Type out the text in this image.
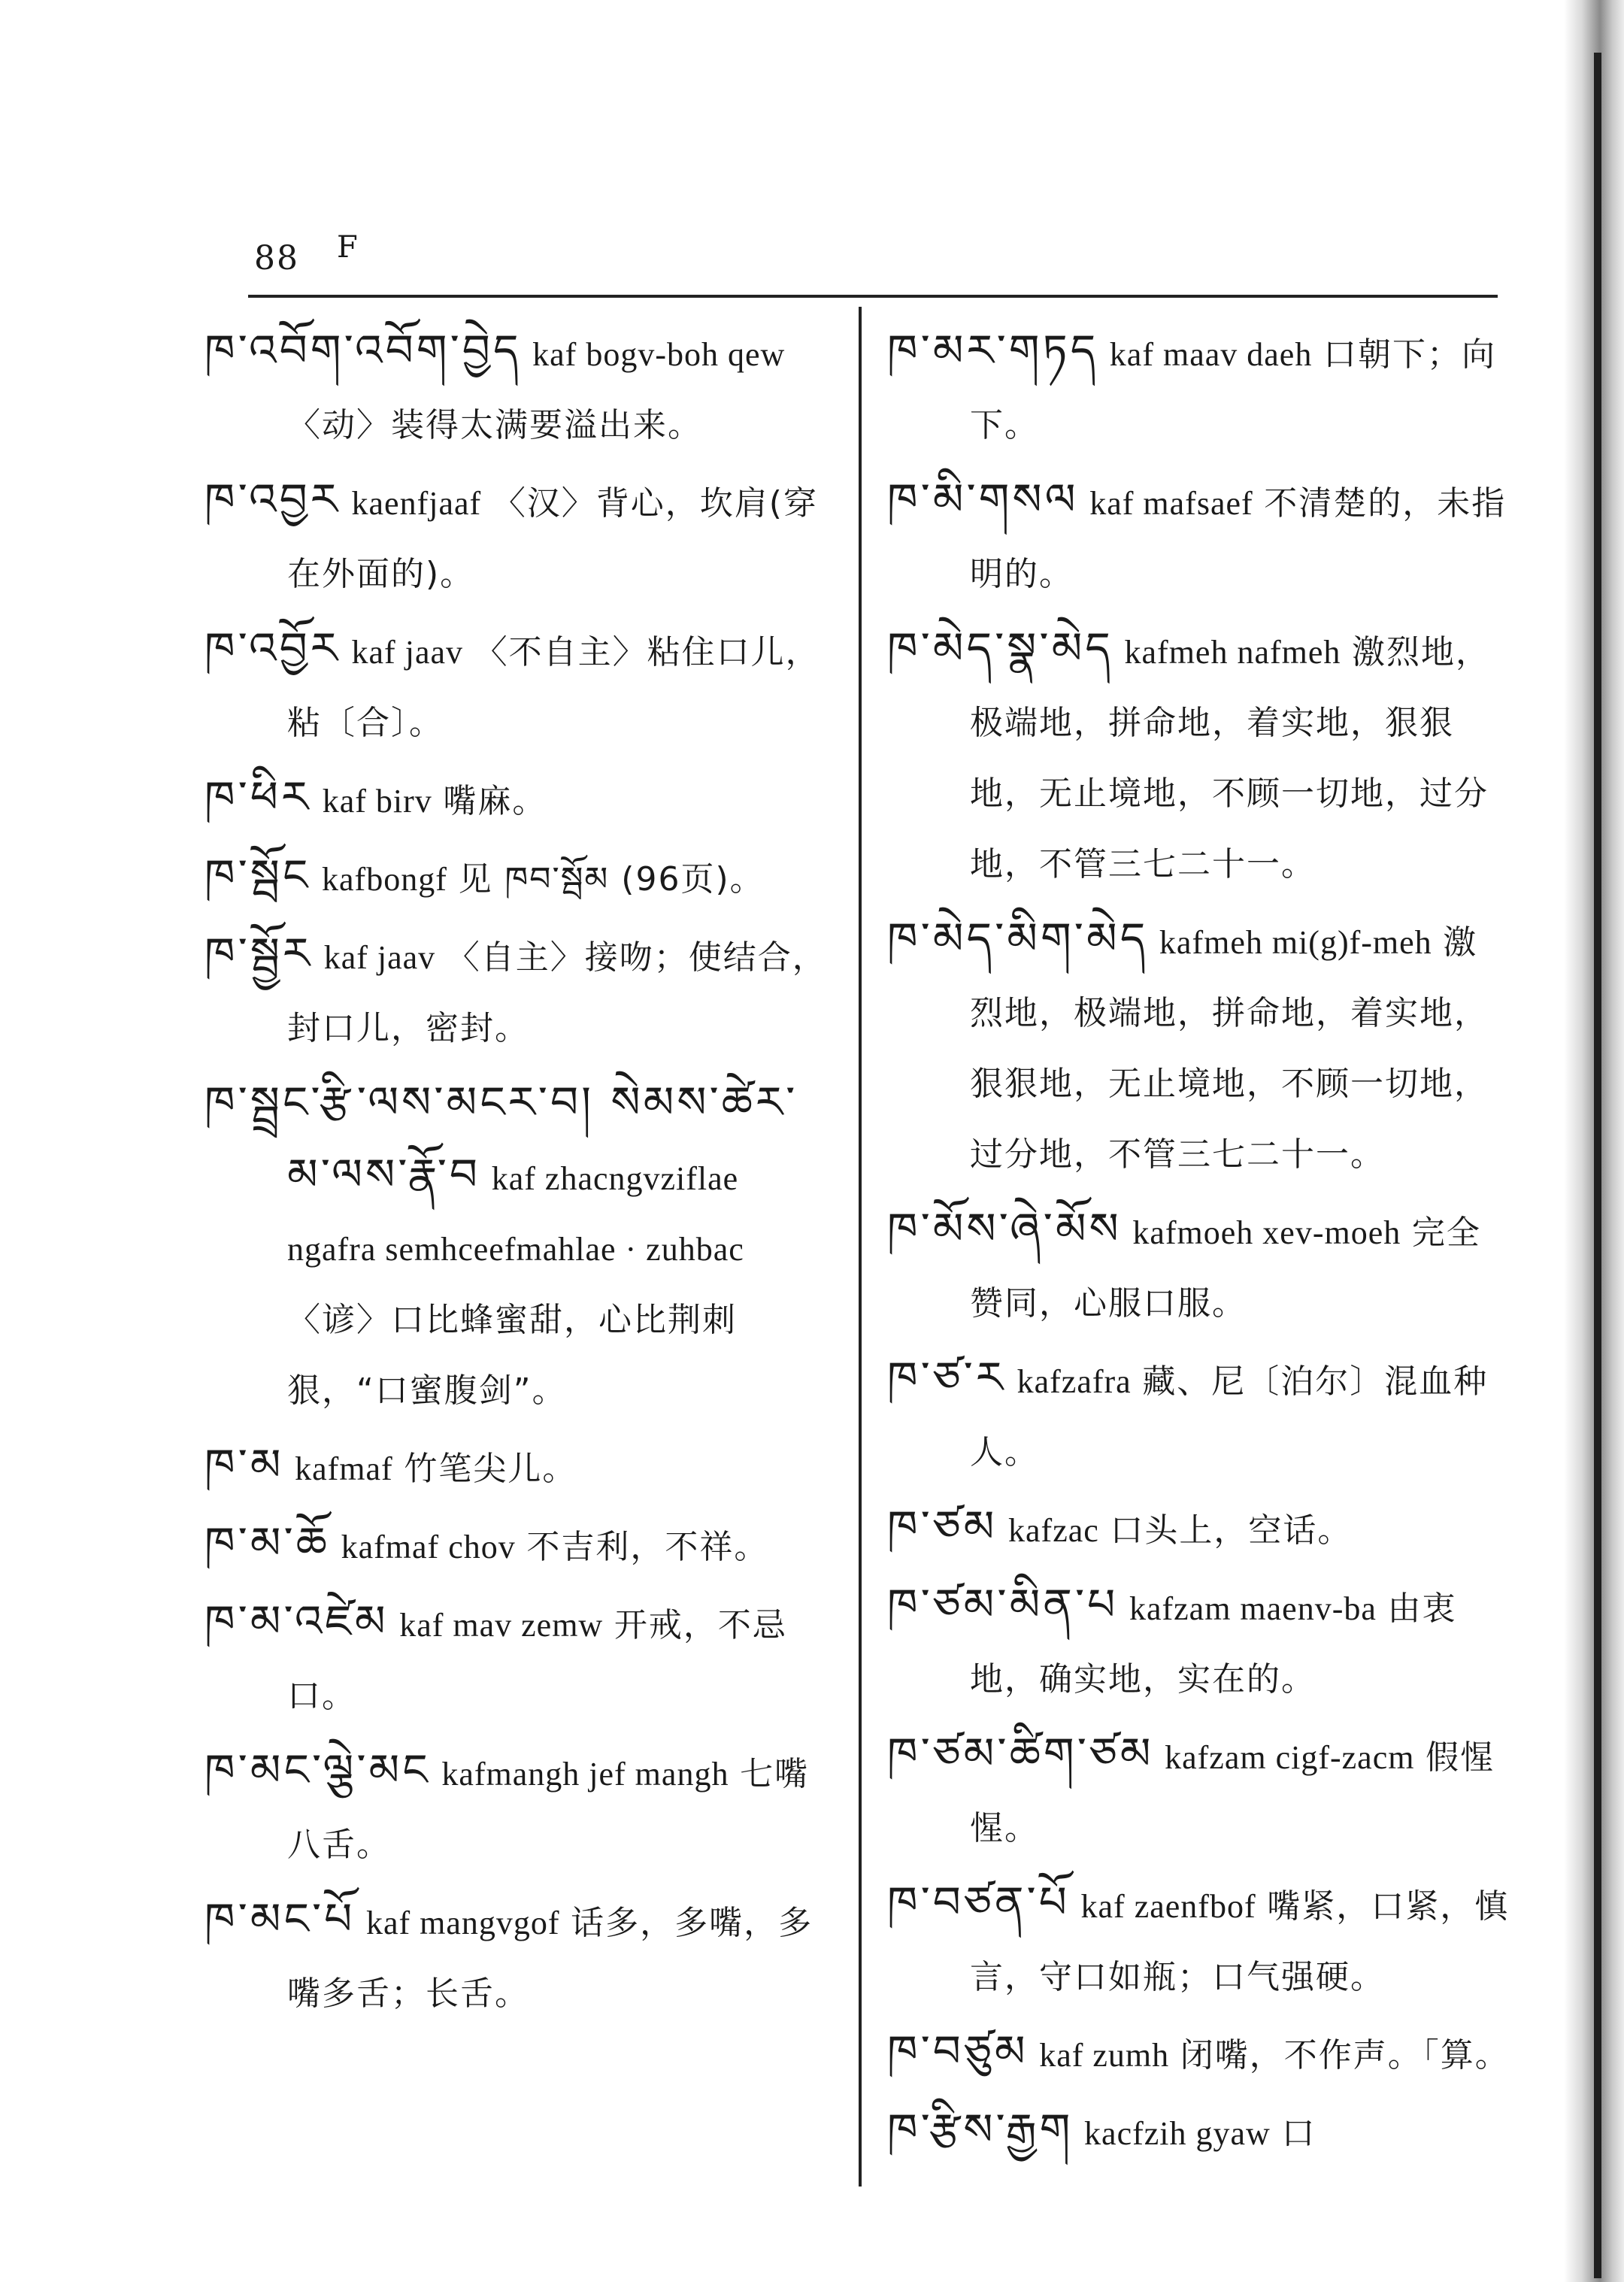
88 F
ཁ་འབོག་འབོག་བྱེད kaf bogv-boh qew 〈动〉装得太满要溢出来。
ཁ་འབྱར kaenfjaaf 〈汉〉背心，坎肩(穿在外面的)。
ཁ་འབྱོར kaf jaav 〈不自主〉粘住口儿，粘〔合〕。
ཁ་ཕིར kaf birv 嘴麻。
ཁ་སྦོང kafbongf 见 ཁབ་སྦོམ (96页)。
ཁ་སྦྱོར kaf jaav 〈自主〉接吻；使结合，封口儿，密封。
ཁ་སྦྲང་རྩི་ལས་མངར་བ། སེམས་ཚེར་མ་ལས་རྣོ་བ kaf zhacngvziflae ngafra semhceefmahlae · zuhbac 〈谚〉口比蜂蜜甜，心比荆刺狠，“口蜜腹剑”。
ཁ་མ kafmaf 竹笔尖儿。
ཁ་མ་ཆོ kafmaf chov 不吉利，不祥。
ཁ་མ་འཛེམ kaf mav zemw 开戒，不忌口。
ཁ་མང་ལྕེ་མང kafmangh jef mangh 七嘴八舌。
ཁ་མང་པོ kaf mangvgof 话多，多嘴，多嘴多舌；长舌。
ཁ་མར་གཏད kaf maav daeh 口朝下；向下。
ཁ་མི་གསལ kaf mafsaef 不清楚的，未指明的。
ཁ་མེད་སྣ་མེད kafmeh nafmeh 激烈地，极端地，拼命地，着实地，狠狠地，无止境地，不顾一切地，过分地，不管三七二十一。
ཁ་མེད་མིག་མེད kafmeh mi(g)f-meh 激烈地，极端地，拼命地，着实地，狠狠地，无止境地，不顾一切地，过分地，不管三七二十一。
ཁ་མོས་ཞེ་མོས kafmoeh xev-moeh 完全赞同，心服口服。
ཁ་ཙ་ར kafzafra 藏、尼〔泊尔〕混血种人。
ཁ་ཙམ kafzac 口头上，空话。
ཁ་ཙམ་མིན་པ kafzam maenv-ba 由衷地，确实地，实在的。
ཁ་ཙམ་ཚིག་ཙམ kafzam cigf-zacm 假惺惺。
ཁ་བཙན་པོ kaf zaenfbof 嘴紧，口紧，慎言，守口如瓶；口气强硬。
ཁ་བཙུམ kaf zumh 闭嘴，不作声。「算。
ཁ་རྩིས་རྒྱག kacfzih gyaw 口
